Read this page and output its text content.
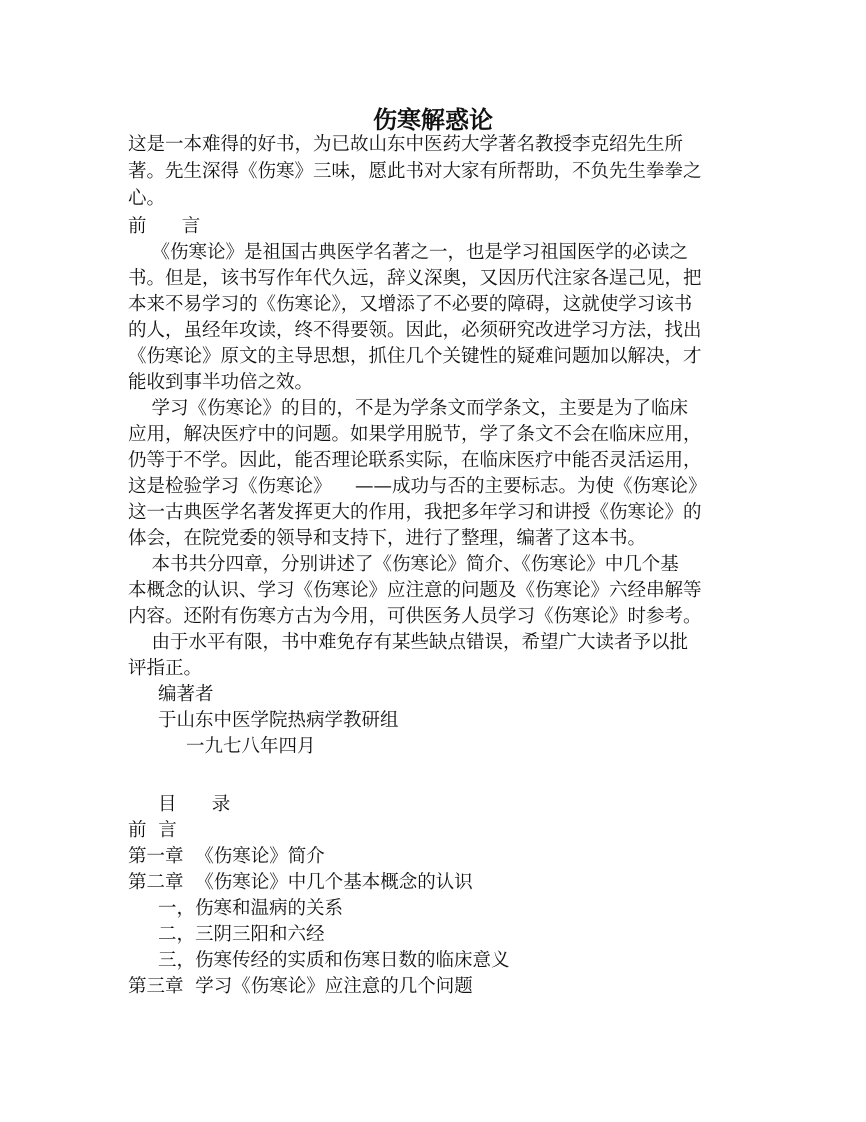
伤寒解惑论
这是一本难得的好书，为已故山东中医药大学著名教授李克绍先生所
著。先生深得《伤寒》三味，愿此书对大家有所帮助，不负先生拳拳之
心。
前      言
《伤寒论》是祖国古典医学名著之一，也是学习祖国医学的必读之
书。但是，该书写作年代久远，辞义深奥，又因历代注家各逞己见，把
本来不易学习的《伤寒论》，又增添了不必要的障碍，这就使学习该书
的人，虽经年攻读，终不得要领。因此，必须研究改进学习方法，找出
《伤寒论》原文的主导思想，抓住几个关键性的疑难问题加以解决，才
能收到事半功倍之效。
学习《伤寒论》的目的，不是为学条文而学条文，主要是为了临床
应用，解决医疗中的问题。如果学用脱节，学了条文不会在临床应用，
仍等于不学。因此，能否理论联系实际，在临床医疗中能否灵活运用，
这是检验学习《伤寒论》    ——成功与否的主要标志。为使《伤寒论》
这一古典医学名著发挥更大的作用，我把多年学习和讲授《伤寒论》的
体会，在院党委的领导和支持下，进行了整理，编著了这本书。
本书共分四章，分别讲述了《伤寒论》简介、《伤寒论》中几个基
本概念的认识、学习《伤寒论》应注意的问题及《伤寒论》六经串解等
内容。还附有伤寒方古为今用，可供医务人员学习《伤寒论》时参考。
由于水平有限，书中难免存有某些缺点错误，希望广大读者予以批
评指正。
编著者
于山东中医学院热病学教研组
一九七八年四月
目      录
前  言
第一章  《伤寒论》简介
第二章  《伤寒论》中几个基本概念的认识
一，伤寒和温病的关系
二，三阴三阳和六经
三，伤寒传经的实质和伤寒日数的临床意义
第三章  学习《伤寒论》应注意的几个问题
